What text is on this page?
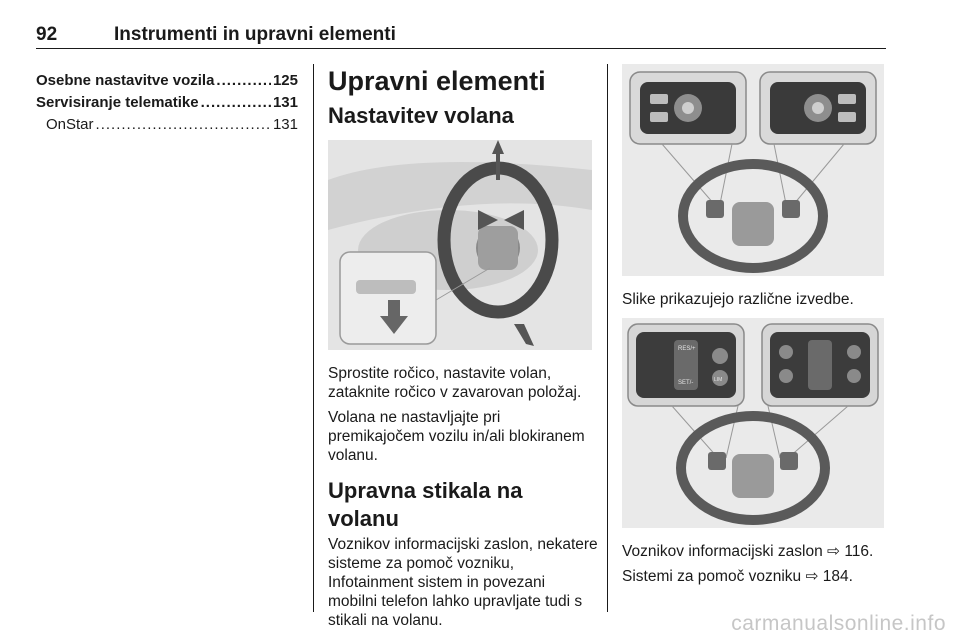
92	Instrumenti in upravni elementi
Osebne nastavitve vozila .....	125
Servisiranje telematike .....	131
OnStar .....	131
Upravni elementi
Nastavitev volana

Sprostite ročico, nastavite volan, zataknite ročico v zavarovan položaj.

Volana ne nastavljajte pri premikajočem vozilu in/ali blokiranem volanu.

Upravna stikala na volanu

Voznikov informacijski zaslon, nekatere sisteme za pomoč vozniku, Infotainment sistem in povezani mobilni telefon lahko upravljate tudi s stikali na volanu.

Slike prikazujejo različne izvedbe.
RES/+
SET/-	LIM
Voznikov informacijski zaslon ⇨ 116.
Sistemi za pomoč vozniku ⇨ 184.
carmanualsonline.info
